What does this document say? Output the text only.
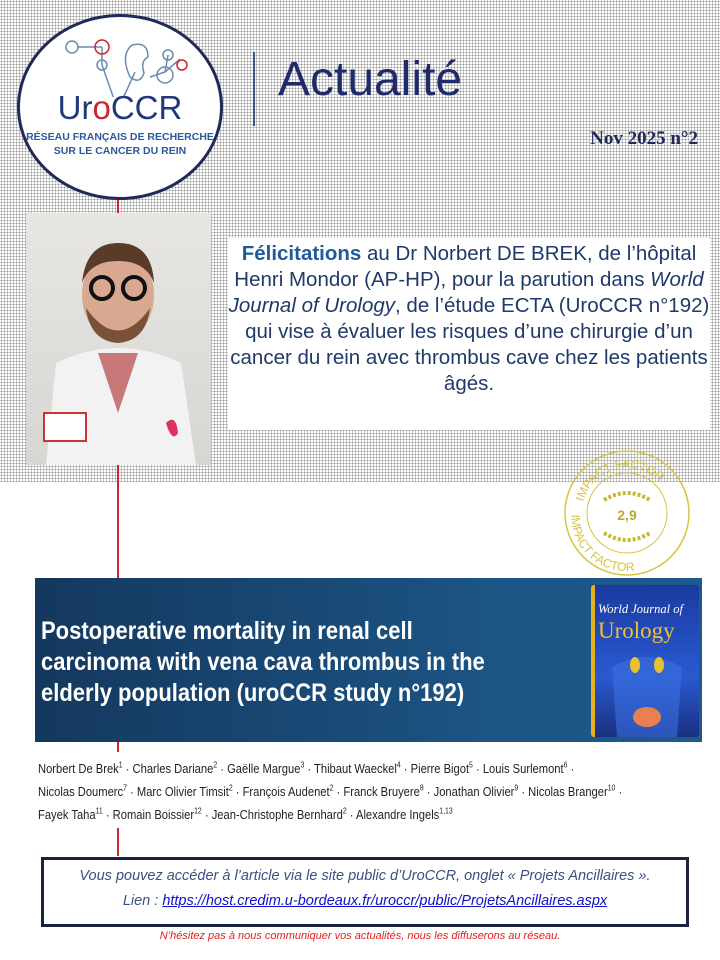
UroCCR
RÉSEAU FRANÇAIS DE RECHERCHE
SUR LE CANCER DU REIN
Actualité
Nov 2025 n°2
Félicitations au Dr Norbert DE BREK, de l’hôpital Henri Mondor (AP-HP), pour la parution dans World Journal of Urology, de l’étude ECTA (UroCCR n°192) qui vise à évaluer les risques d’une chirurgie d’un cancer du rein avec thrombus cave chez les patients âgés.
IMPACT FACTOR
IMPACT FACTOR
2,9
Postoperative mortality in renal cell carcinoma with vena cava thrombus in the elderly population (uroCCR study n°192)
World Journal of
Urology
Norbert De Brek$^1$ · Charles Dariane$^2$ · Gaëlle Margue$^3$ · Thibaut Waeckel$^4$ · Pierre Bigot$^5$ · Louis Surlemont$^6$ ·
Nicolas Doumerc$^7$ · Marc Olivier Timsit$^2$ · François Audenet$^2$ · Franck Bruyere$^8$ · Jonathan Olivier$^9$ · Nicolas Branger$^{10}$ ·
Fayek Taha$^{11}$ · Romain Boissier$^{12}$ · Jean-Christophe Bernhard$^2$ · Alexandre Ingels$^{1,13}$
Vous pouvez accéder à l’article via le site public d’UroCCR, onglet « Projets Ancillaires ».
Lien : https://host.credim.u-bordeaux.fr/uroccr/public/ProjetsAncillaires.aspx
N’hésitez pas à nous communiquer vos actualités, nous les diffuserons au réseau.
